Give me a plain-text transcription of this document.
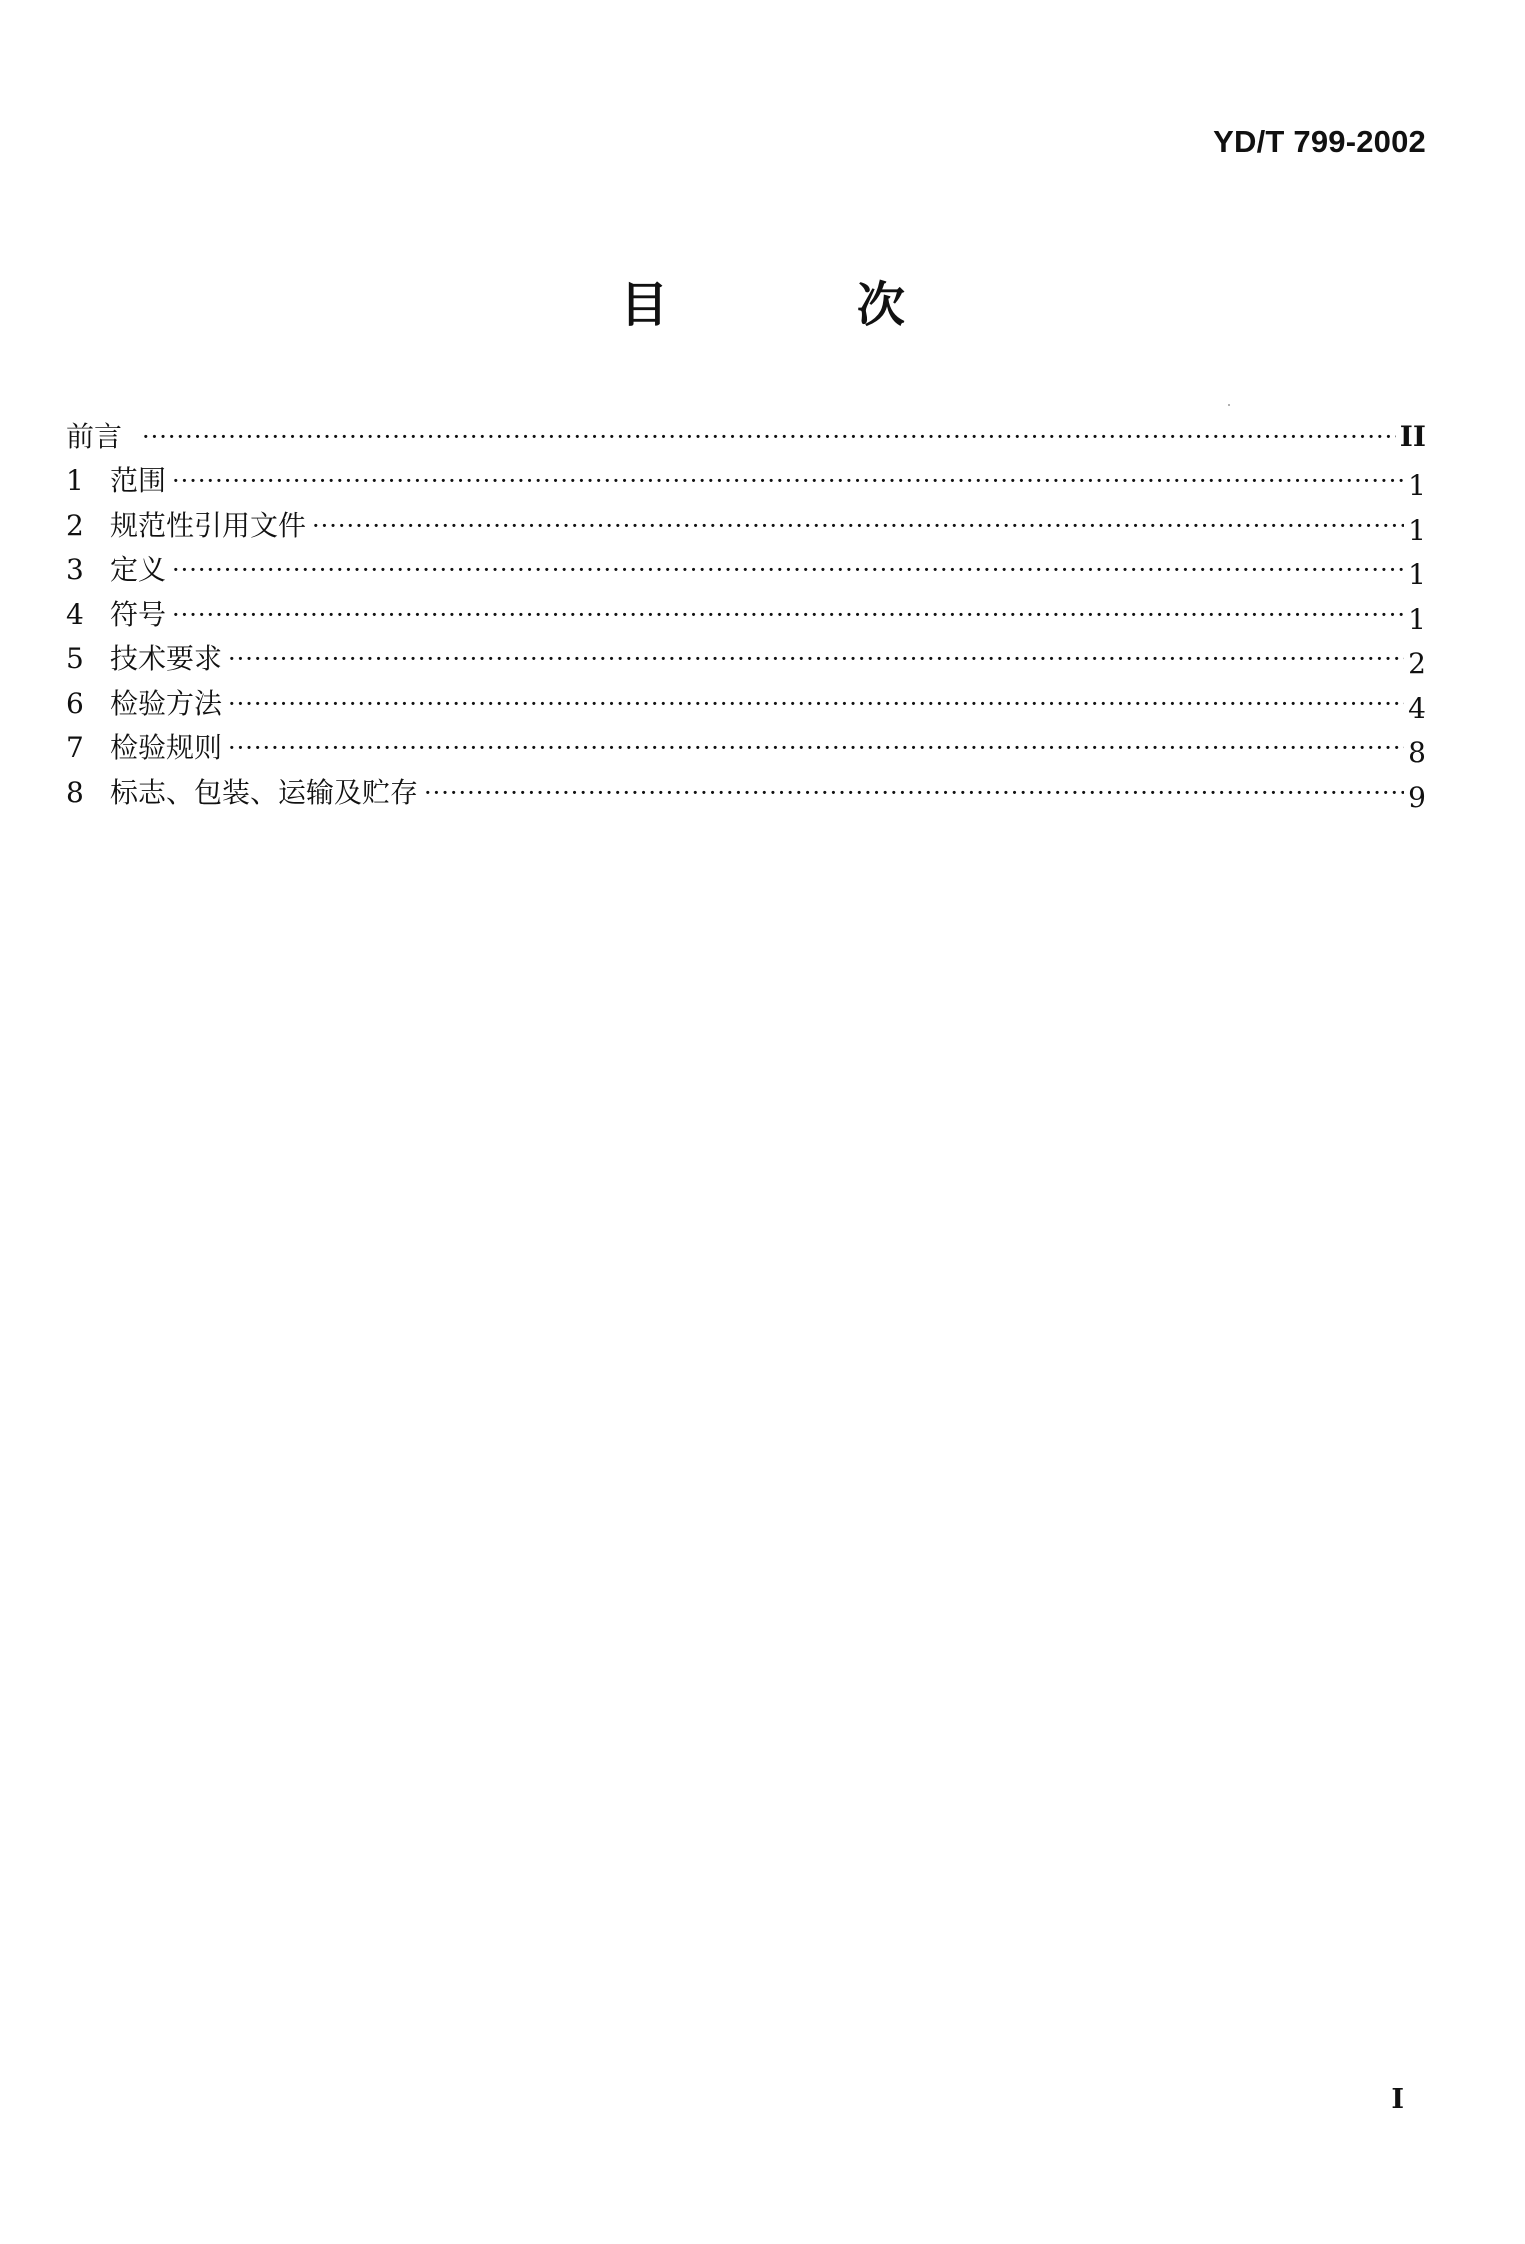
YD/T 799-2002
目 次
前言 ·····	II
1 范围 ·····	1
2 规范性引用文件 ·····	1
3 定义 ·····	1
4 符号 ·····	1
5 技术要求 ·····	2
6 检验方法 ·····	4
7 检验规则 ·····	8
8 标志、包装、运输及贮存 ·····	9
I
